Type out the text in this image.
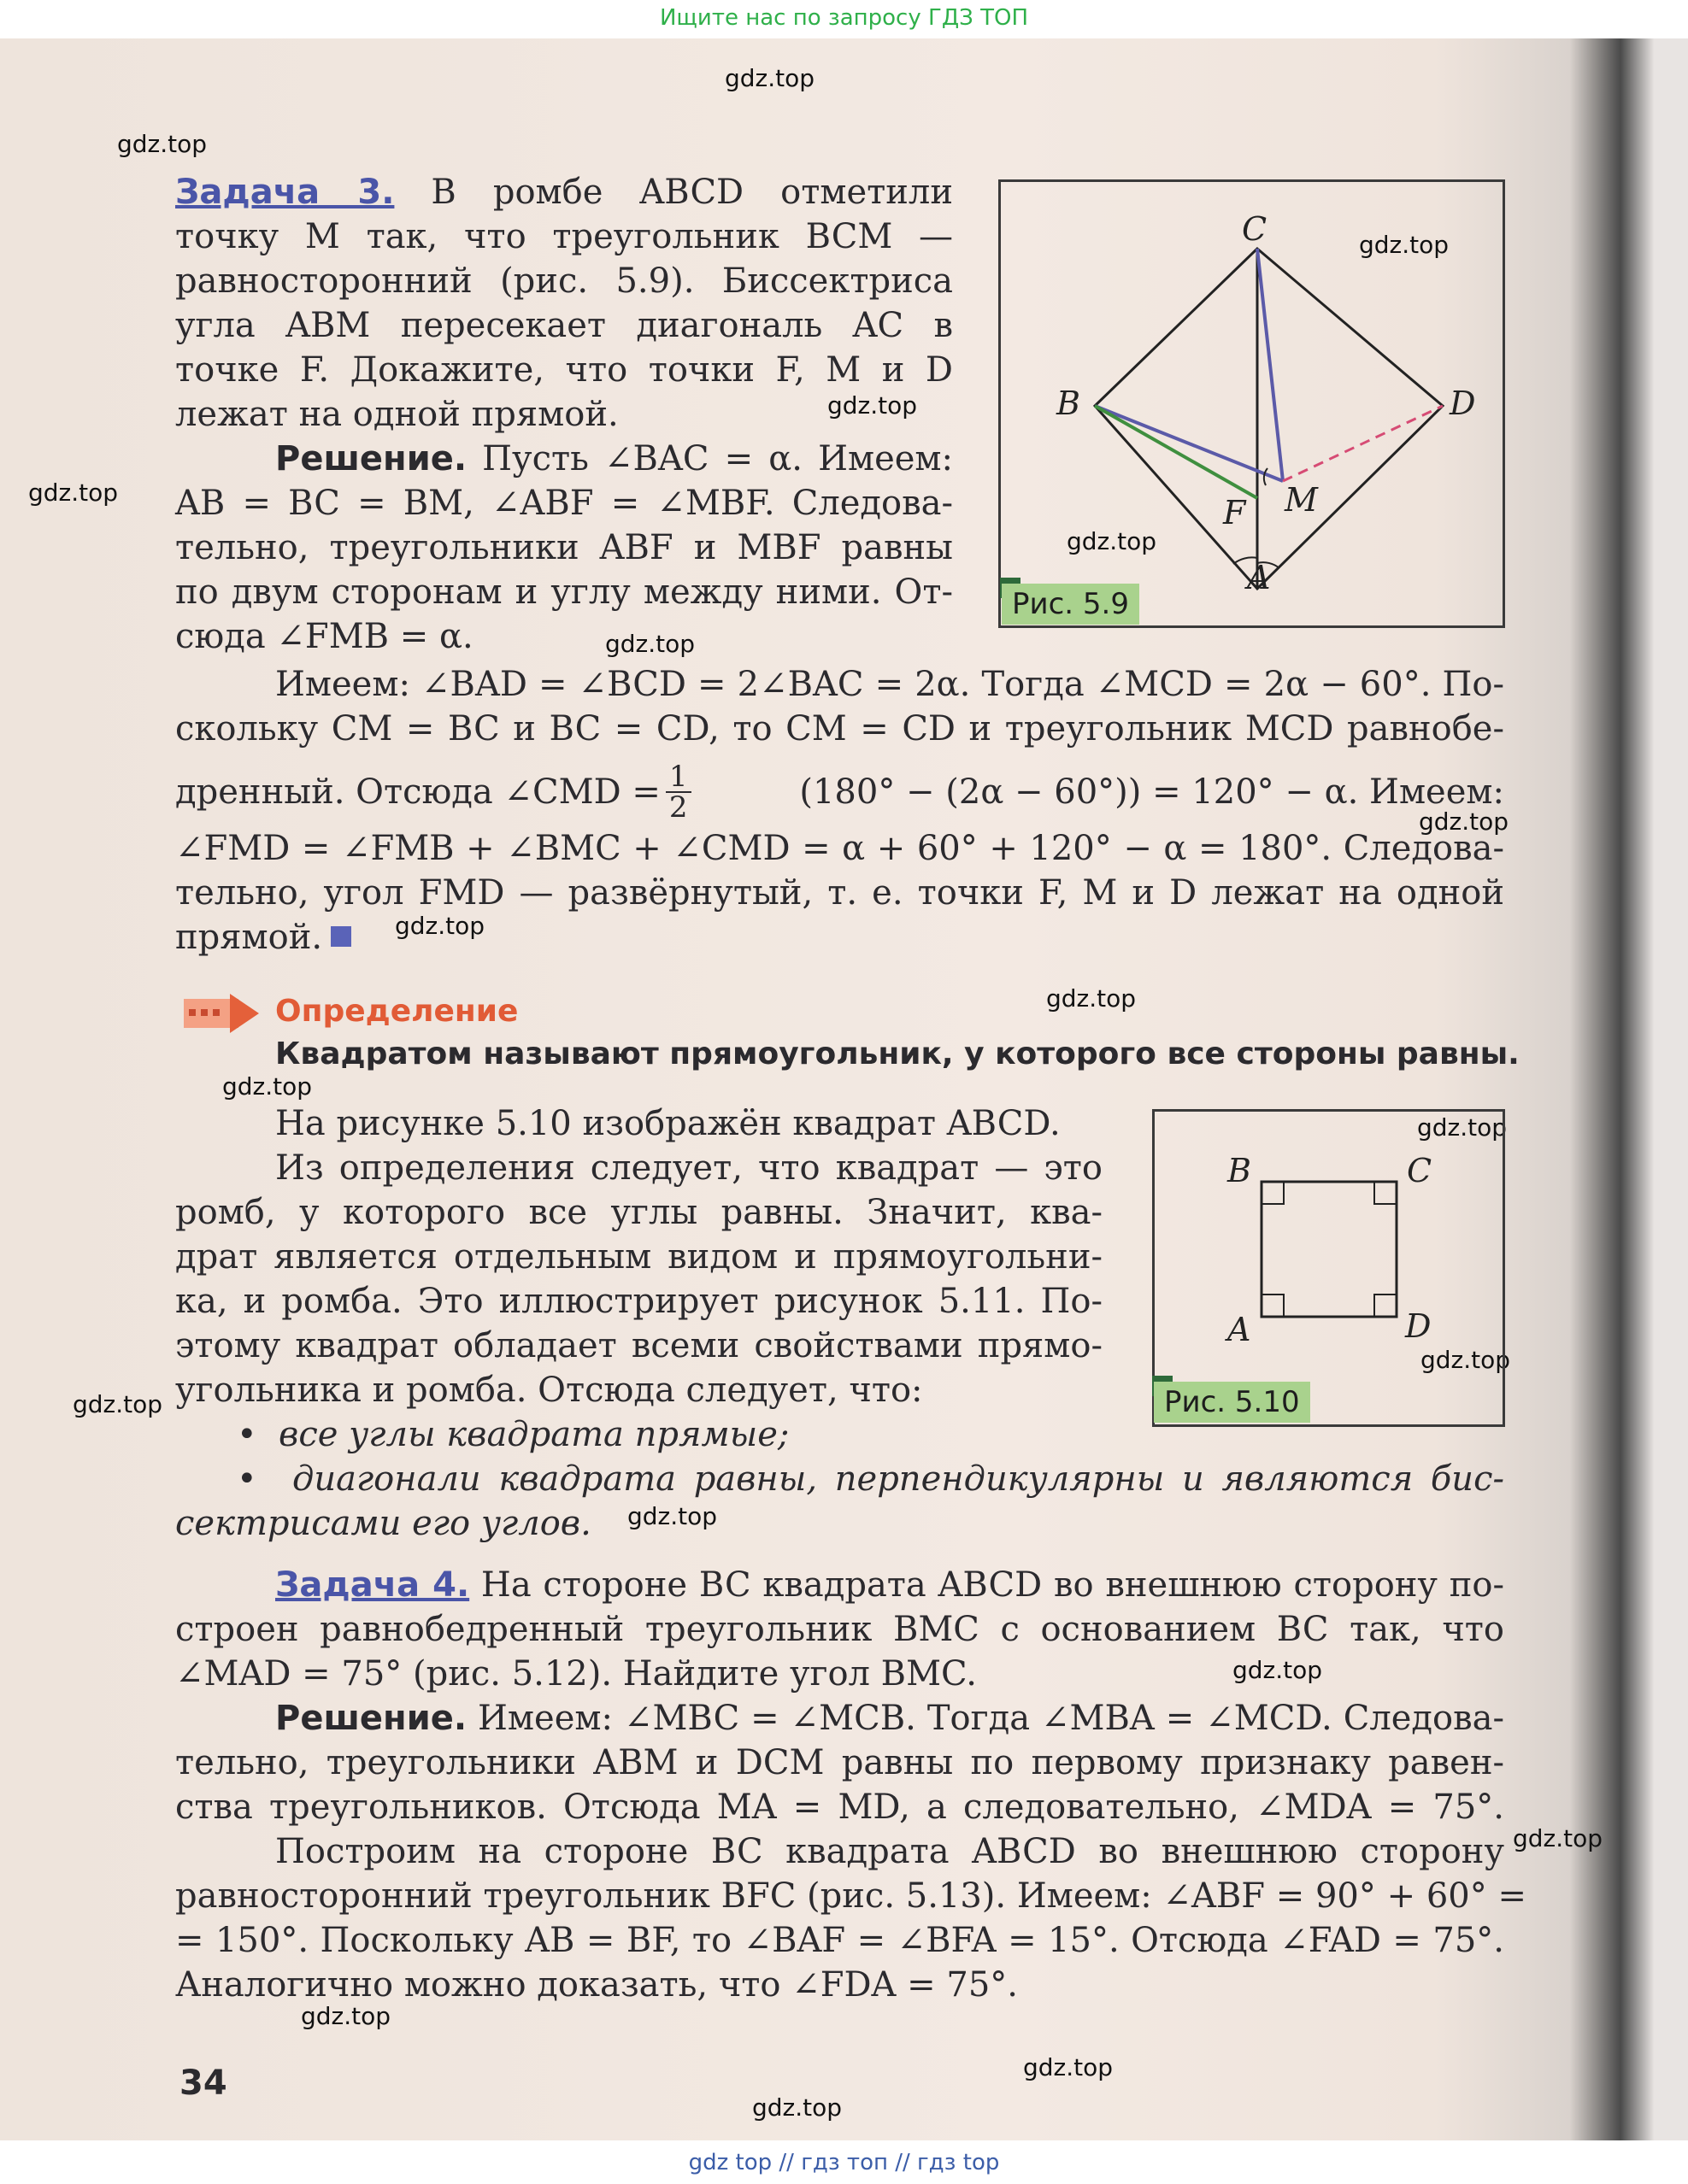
Ищите нас по запросу ГДЗ ТОП
gdz.top
gdz.top
gdz.top
gdz.top
gdz.top
gdz.top
gdz.top
gdz.top
gdz.top
gdz.top
gdz.top
gdz.top
gdz.top
gdz.top
gdz.top
gdz.top
gdz.top
gdz.top
gdz.top
gdz.top
Задача 3. В ромбе ABCD отметили
точку M так, что треугольник BCM —
равносторонний (рис. 5.9). Биссектриса
угла ABM пересекает диагональ AC в
точке F. Докажите, что точки F, M и D
лежат на одной прямой.
Решение. Пусть ∠BAC = α. Имеем:
AB = BC = BM, ∠ABF = ∠MBF. Следова-
тельно, треугольники ABF и MBF равны
по двум сторонам и углу между ними. От-
сюда ∠FMB = α.
Имеем: ∠BAD = ∠BCD = 2∠BAC = 2α. Тогда ∠MCD = 2α − 60°. По-
скольку CM = BC и BC = CD, то CM = CD и треугольник MCD равнобе-
дренный. Отсюда ∠CMD = $\frac{1}{2}$	(180° − (2α − 60°)) = 120° − α. Имеем:
∠FMD = ∠FMB + ∠BMC + ∠CMD = α + 60° + 120° − α = 180°. Следова-
тельно, угол FMD — развёрнутый, т. е. точки F, M и D лежат на одной
прямой.
C
B	D
M
F
A
Рис. 5.9
Определение
Квадратом называют прямоугольник, у которого все стороны равны.
На рисунке 5.10 изображён квадрат ABCD.
Из определения следует, что квадрат — это
ромб, у которого все углы равны. Значит, ква-
драт является отдельным видом и прямоугольни-
ка, и ромба. Это иллюстрирует рисунок 5.11. По-
этому квадрат обладает всеми свойствами прямо-
угольника и ромба. Отсюда следует, что:
•  все углы квадрата прямые;
•  диагонали квадрата равны, перпендикулярны и являются бис-
сектрисами его углов.
B	C
A	D
Рис. 5.10
Задача 4. На стороне BC квадрата ABCD во внешнюю сторону по-
строен равнобедренный треугольник BMC с основанием BC так, что
∠MAD = 75° (рис. 5.12). Найдите угол BMC.
Решение. Имеем: ∠MBC = ∠MCB. Тогда ∠MBA = ∠MCD. Следова-
тельно, треугольники ABM и DCM равны по первому признаку равен-
ства треугольников. Отсюда MA = MD, а следовательно, ∠MDA = 75°.
Построим на стороне BC квадрата ABCD во внешнюю сторону
равносторонний треугольник BFC (рис. 5.13). Имеем: ∠ABF = 90° + 60° =
= 150°. Поскольку AB = BF, то ∠BAF = ∠BFA = 15°. Отсюда ∠FAD = 75°.
Аналогично можно доказать, что ∠FDA = 75°.
34
gdz top // гдз топ // гдз top
